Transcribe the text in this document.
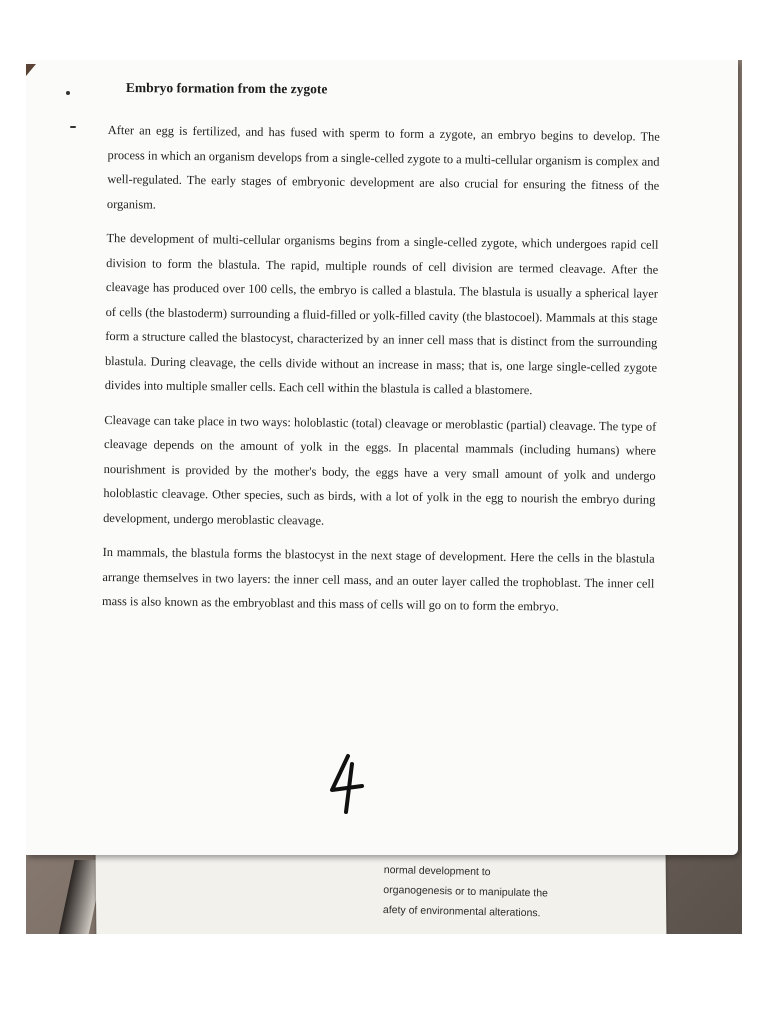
normal development to
organogenesis or to manipulate the
afety of environmental alterations.
Embryo formation from the zygote

After an egg is fertilized, and has fused with sperm to form a zygote, an embryo begins to develop. The process in which an organism develops from a single-celled zygote to a multi-cellular organism is complex and well-regulated. The early stages of embryonic development are also crucial for ensuring the fitness of the organism.

The development of multi-cellular organisms begins from a single-celled zygote, which undergoes rapid cell division to form the blastula. The rapid, multiple rounds of cell division are termed cleavage. After the cleavage has produced over 100 cells, the embryo is called a blastula. The blastula is usually a spherical layer of cells (the blastoderm) surrounding a fluid-filled or yolk-filled cavity (the blastocoel). Mammals at this stage form a structure called the blastocyst, characterized by an inner cell mass that is distinct from the surrounding blastula. During cleavage, the cells divide without an increase in mass; that is, one large single-celled zygote divides into multiple smaller cells. Each cell within the blastula is called a blastomere.

Cleavage can take place in two ways: holoblastic (total) cleavage or meroblastic (partial) cleavage. The type of cleavage depends on the amount of yolk in the eggs. In placental mammals (including humans) where nourishment is provided by the mother's body, the eggs have a very small amount of yolk and undergo holoblastic cleavage. Other species, such as birds, with a lot of yolk in the egg to nourish the embryo during development, undergo meroblastic cleavage.

In mammals, the blastula forms the blastocyst in the next stage of development. Here the cells in the blastula arrange themselves in two layers: the inner cell mass, and an outer layer called the trophoblast. The inner cell mass is also known as the embryoblast and this mass of cells will go on to form the embryo.
